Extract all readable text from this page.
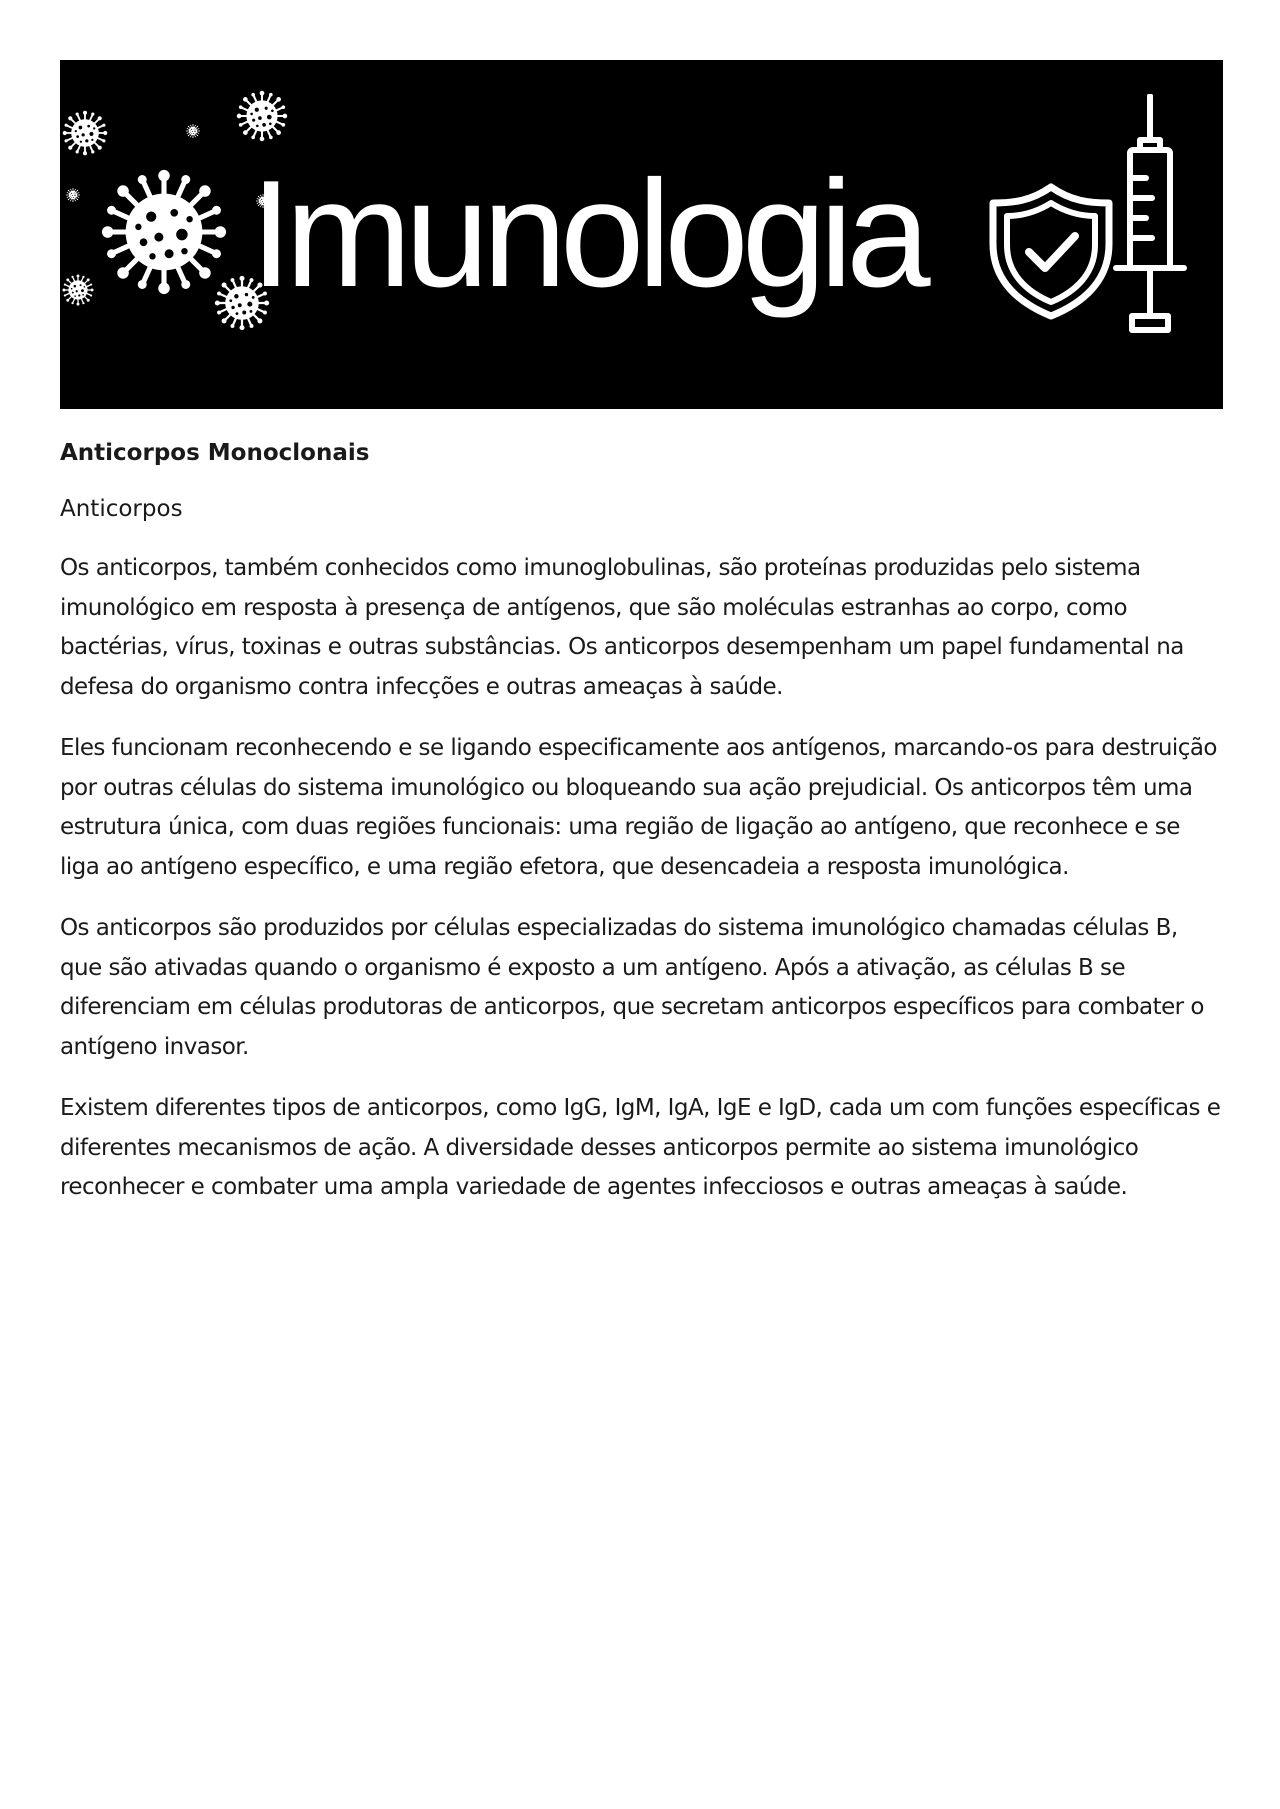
Imunologia

Anticorpos Monoclonais

Anticorpos

Os anticorpos, também conhecidos como imunoglobulinas, são proteínas produzidas pelo sistema imunológico em resposta à presença de antígenos, que são moléculas estranhas ao corpo, como bactérias, vírus, toxinas e outras substâncias. Os anticorpos desempenham um papel fundamental na defesa do organismo contra infecções e outras ameaças à saúde.

Eles funcionam reconhecendo e se ligando especificamente aos antígenos, marcando-os para destruição por outras células do sistema imunológico ou bloqueando sua ação prejudicial. Os anticorpos têm uma estrutura única, com duas regiões funcionais: uma região de ligação ao antígeno, que reconhece e se liga ao antígeno específico, e uma região efetora, que desencadeia a resposta imunológica.

Os anticorpos são produzidos por células especializadas do sistema imunológico chamadas células B, que são ativadas quando o organismo é exposto a um antígeno. Após a ativação, as células B se diferenciam em células produtoras de anticorpos, que secretam anticorpos específicos para combater o antígeno invasor.

Existem diferentes tipos de anticorpos, como IgG, IgM, IgA, IgE e IgD, cada um com funções específicas e diferentes mecanismos de ação. A diversidade desses anticorpos permite ao sistema imunológico reconhecer e combater uma ampla variedade de agentes infecciosos e outras ameaças à saúde.
